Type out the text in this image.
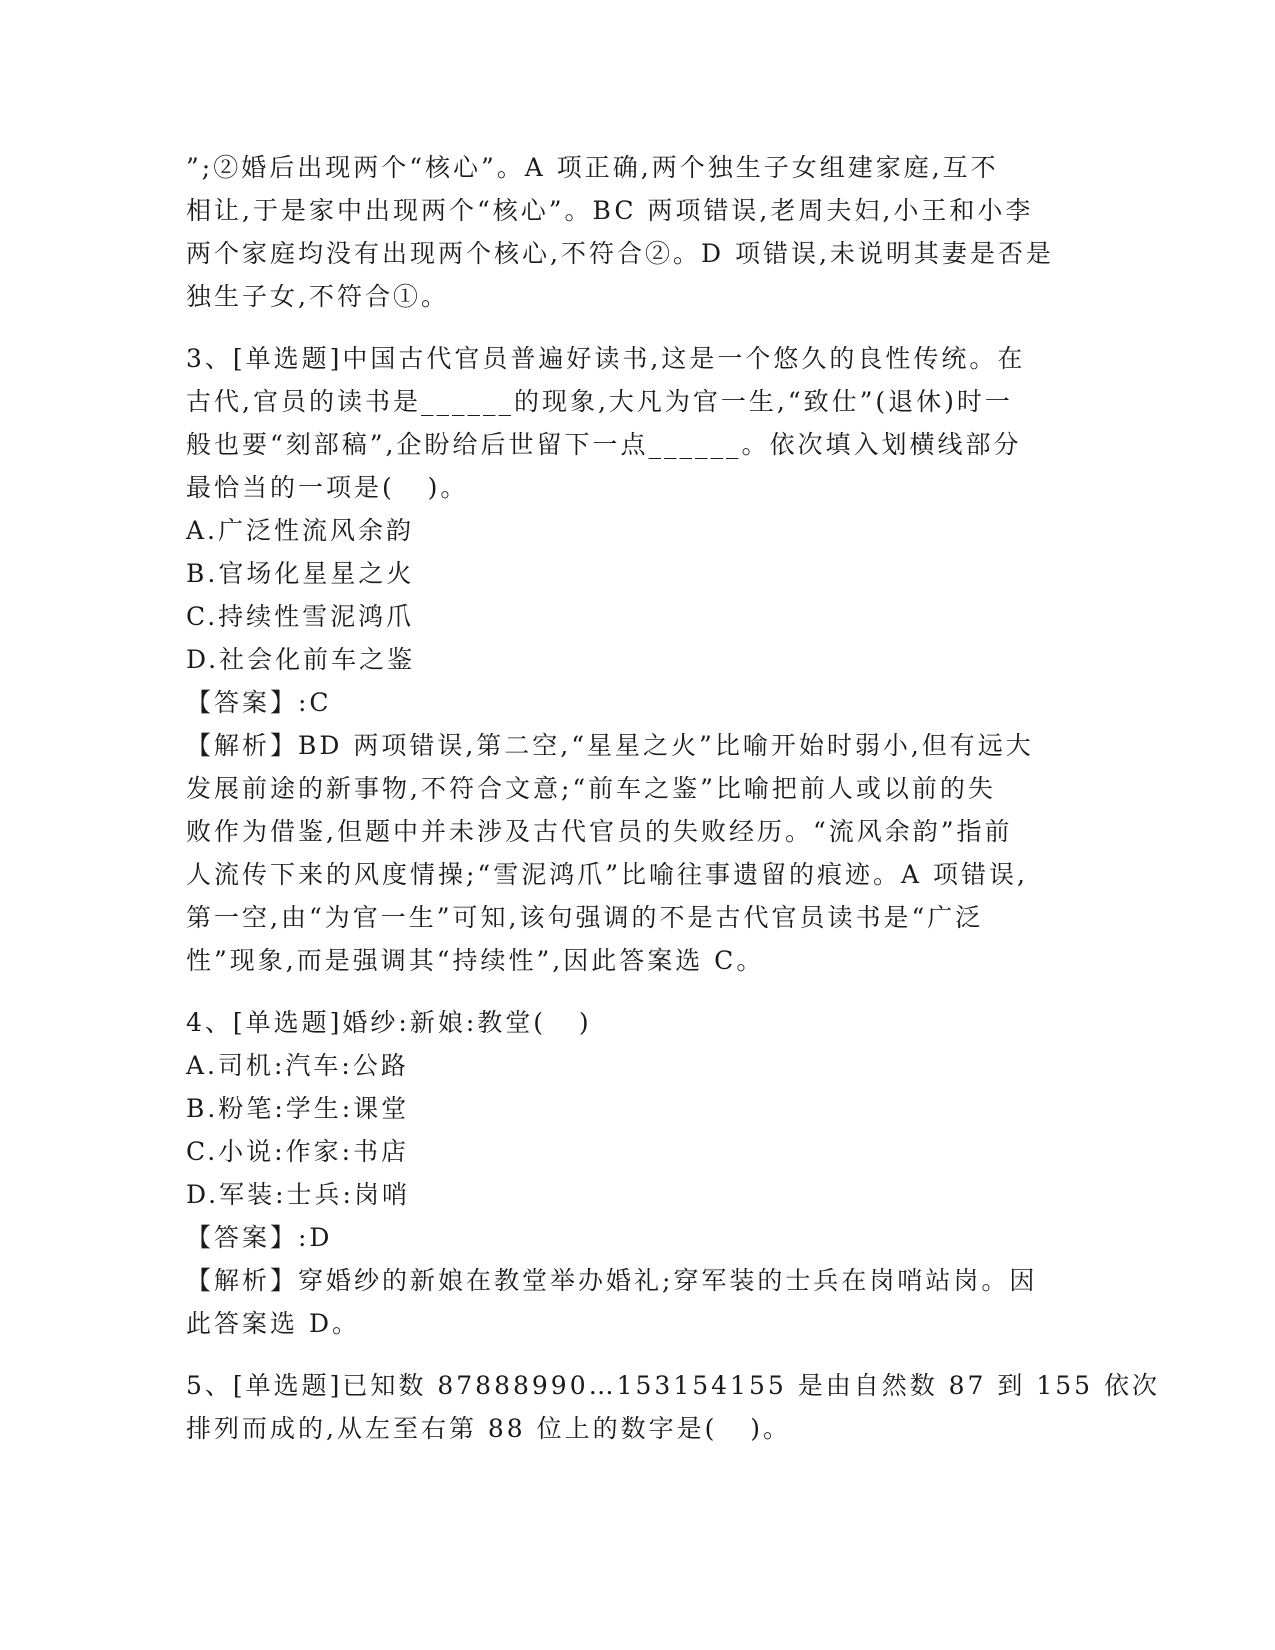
”;②婚后出现两个“核心”。A 项正确,两个独生子女组建家庭,互不
相让,于是家中出现两个“核心”。BC 两项错误,老周夫妇,小王和小李
两个家庭均没有出现两个核心,不符合②。D 项错误,未说明其妻是否是
独生子女,不符合①。
3、[单选题]中国古代官员普遍好读书,这是一个悠久的良性传统。在
古代,官员的读书是______的现象,大凡为官一生,“致仕”(退休)时一
般也要“刻部稿”,企盼给后世留下一点______。依次填入划横线部分
最恰当的一项是(   )。
A.广泛性流风余韵
B.官场化星星之火
C.持续性雪泥鸿爪
D.社会化前车之鉴
【答案】:C
【解析】BD 两项错误,第二空,“星星之火”比喻开始时弱小,但有远大
发展前途的新事物,不符合文意;“前车之鉴”比喻把前人或以前的失
败作为借鉴,但题中并未涉及古代官员的失败经历。“流风余韵”指前
人流传下来的风度情操;“雪泥鸿爪”比喻往事遗留的痕迹。A 项错误,
第一空,由“为官一生”可知,该句强调的不是古代官员读书是“广泛
性”现象,而是强调其“持续性”,因此答案选 C。
4、[单选题]婚纱:新娘:教堂(   )
A.司机:汽车:公路
B.粉笔:学生:课堂
C.小说:作家:书店
D.军装:士兵:岗哨
【答案】:D
【解析】穿婚纱的新娘在教堂举办婚礼;穿军装的士兵在岗哨站岗。因
此答案选 D。
5、[单选题]已知数 87888990…153154155 是由自然数 87 到 155 依次
排列而成的,从左至右第 88 位上的数字是(   )。
